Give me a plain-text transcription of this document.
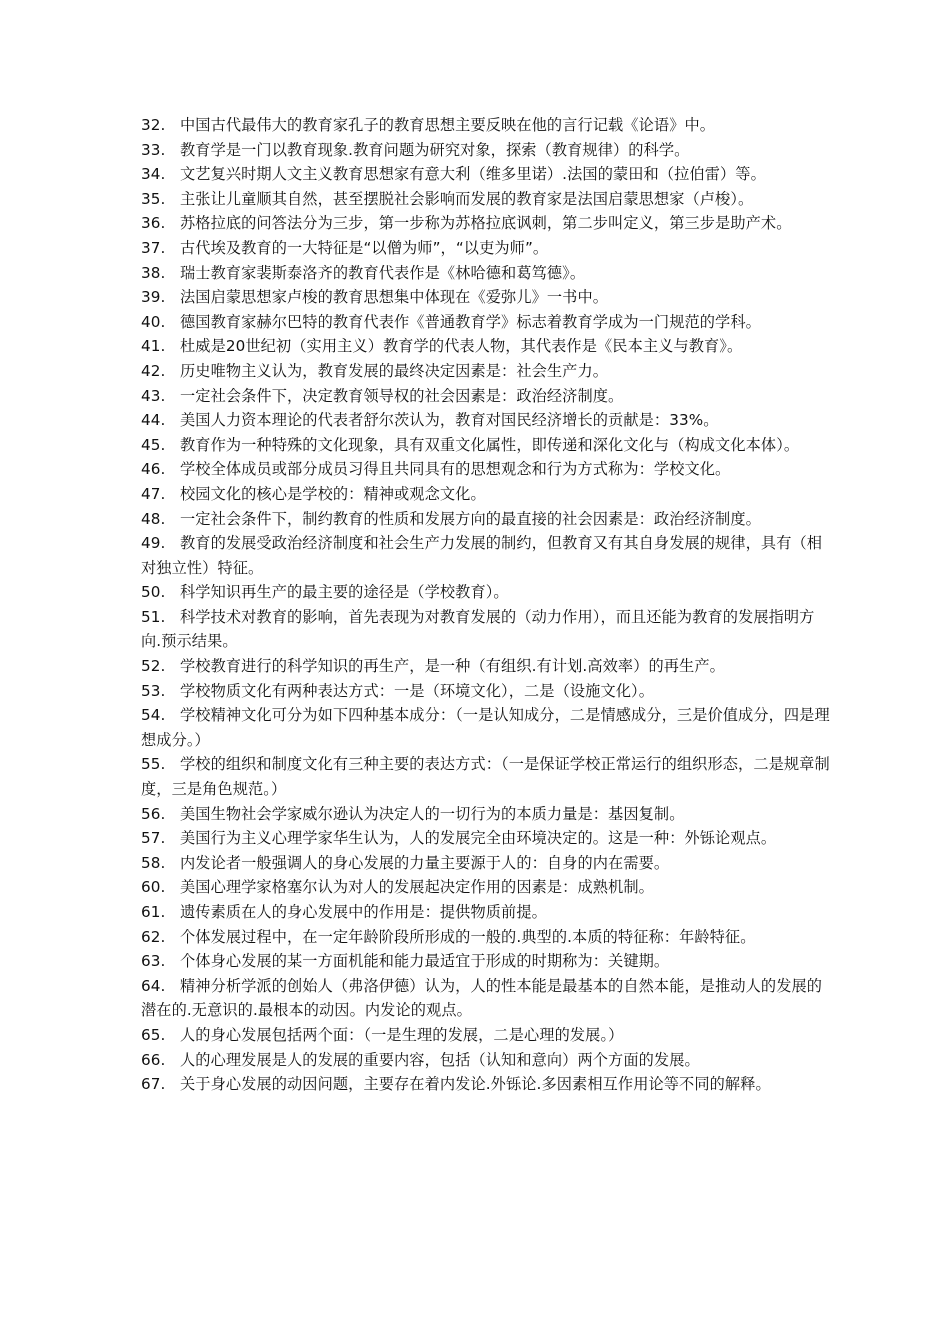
32. 中国古代最伟大的教育家孔子的教育思想主要反映在他的言行记载《论语》中。

33. 教育学是一门以教育现象.教育问题为研究对象，探索（教育规律）的科学。

34. 文艺复兴时期人文主义教育思想家有意大利（维多里诺）.法国的蒙田和（拉伯雷）等。

35. 主张让儿童顺其自然，甚至摆脱社会影响而发展的教育家是法国启蒙思想家（卢梭）。

36. 苏格拉底的问答法分为三步，第一步称为苏格拉底讽刺，第二步叫定义，第三步是助产术。

37. 古代埃及教育的一大特征是“以僧为师”，“以吏为师”。

38. 瑞士教育家裴斯泰洛齐的教育代表作是《林哈德和葛笃德》。

39. 法国启蒙思想家卢梭的教育思想集中体现在《爱弥儿》一书中。

40. 德国教育家赫尔巴特的教育代表作《普通教育学》标志着教育学成为一门规范的学科。

41. 杜威是20世纪初（实用主义）教育学的代表人物，其代表作是《民本主义与教育》。

42. 历史唯物主义认为，教育发展的最终决定因素是：社会生产力。

43. 一定社会条件下，决定教育领导权的社会因素是：政治经济制度。

44. 美国人力资本理论的代表者舒尔茨认为，教育对国民经济增长的贡献是：33%。

45. 教育作为一种特殊的文化现象，具有双重文化属性，即传递和深化文化与（构成文化本体）。

46. 学校全体成员或部分成员习得且共同具有的思想观念和行为方式称为：学校文化。

47. 校园文化的核心是学校的：精神或观念文化。

48. 一定社会条件下，制约教育的性质和发展方向的最直接的社会因素是：政治经济制度。

49. 教育的发展受政治经济制度和社会生产力发展的制约，但教育又有其自身发展的规律，具有（相对独立性）特征。

50. 科学知识再生产的最主要的途径是（学校教育）。

51. 科学技术对教育的影响，首先表现为对教育发展的（动力作用），而且还能为教育的发展指明方向.预示结果。

52. 学校教育进行的科学知识的再生产，是一种（有组织.有计划.高效率）的再生产。

53. 学校物质文化有两种表达方式：一是（环境文化），二是（设施文化）。

54. 学校精神文化可分为如下四种基本成分：（一是认知成分，二是情感成分，三是价值成分，四是理想成分。）

55. 学校的组织和制度文化有三种主要的表达方式：（一是保证学校正常运行的组织形态，二是规章制度，三是角色规范。）

56. 美国生物社会学家威尔逊认为决定人的一切行为的本质力量是：基因复制。

57. 美国行为主义心理学家华生认为，人的发展完全由环境决定的。这是一种：外铄论观点。

58. 内发论者一般强调人的身心发展的力量主要源于人的：自身的内在需要。

60. 美国心理学家格塞尔认为对人的发展起决定作用的因素是：成熟机制。

61. 遗传素质在人的身心发展中的作用是：提供物质前提。

62. 个体发展过程中，在一定年龄阶段所形成的一般的.典型的.本质的特征称：年龄特征。

63. 个体身心发展的某一方面机能和能力最适宜于形成的时期称为：关键期。

64. 精神分析学派的创始人（弗洛伊德）认为，人的性本能是最基本的自然本能，是推动人的发展的潜在的.无意识的.最根本的动因。内发论的观点。

65. 人的身心发展包括两个面：（一是生理的发展，二是心理的发展。）

66. 人的心理发展是人的发展的重要内容，包括（认知和意向）两个方面的发展。

67. 关于身心发展的动因问题，主要存在着内发论.外铄论.多因素相互作用论等不同的解释。
